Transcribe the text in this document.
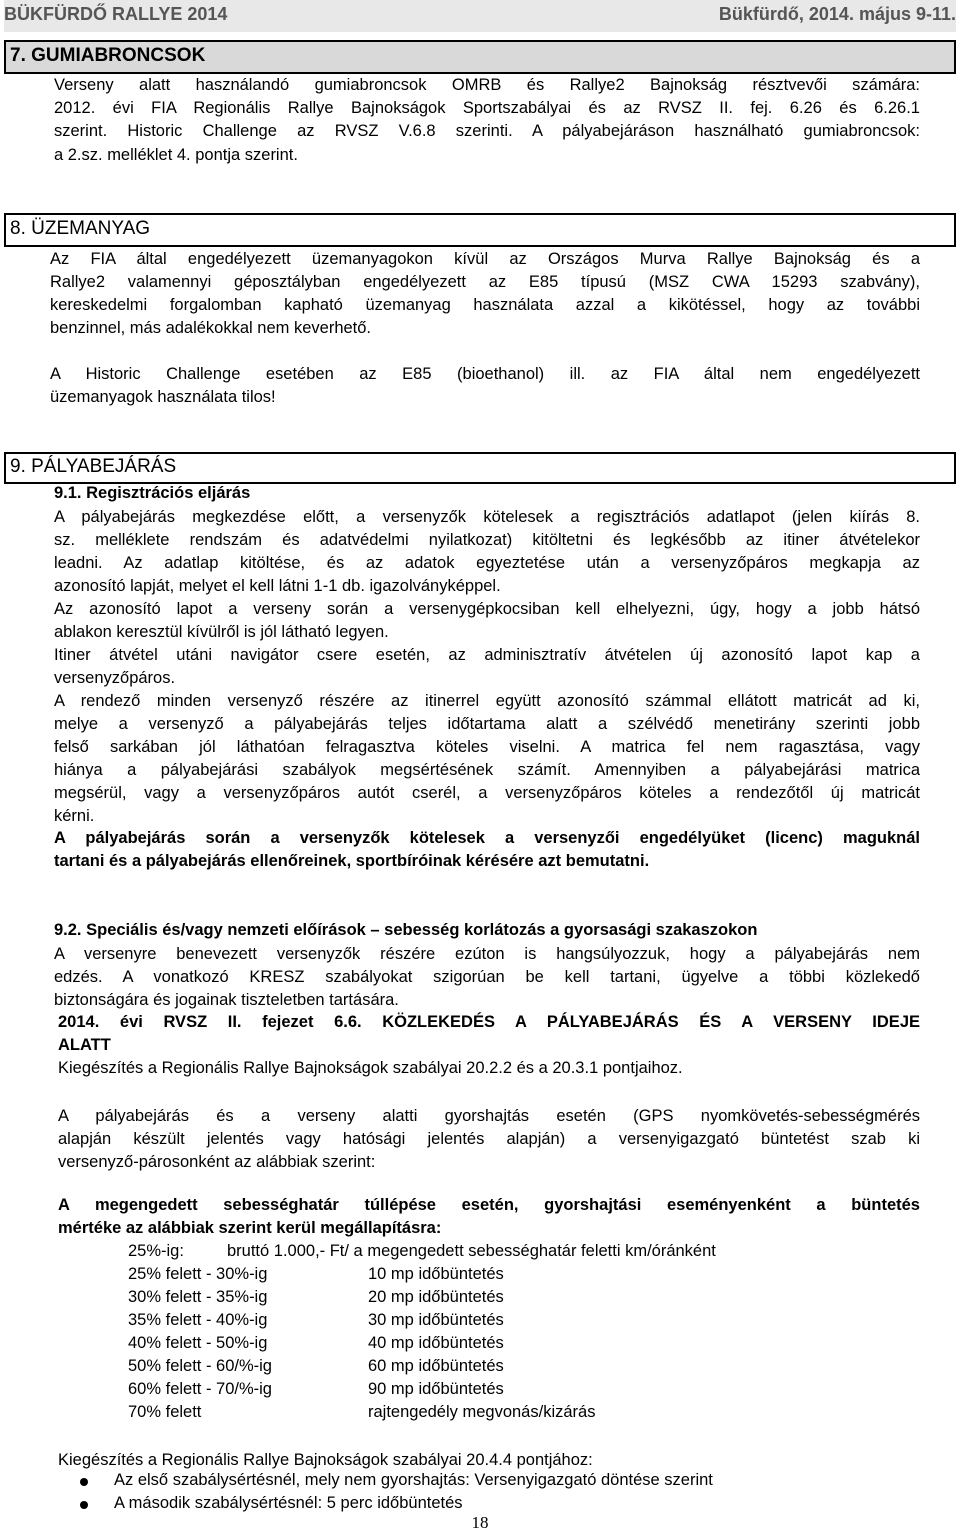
BÜKFÜRDŐ RALLYE 2014	Bükfürdő, 2014. május 9-11.
7. GUMIABRONCSOK
Verseny alatt használandó gumiabroncsok OMRB és Rallye2 Bajnokság résztvevői számára:
2012. évi FIA Regionális Rallye Bajnokságok Sportszabályai és az RVSZ II. fej. 6.26 és 6.26.1
szerint. Historic Challenge az RVSZ V.6.8 szerinti. A pályabejáráson használható gumiabroncsok:
a 2.sz. melléklet 4. pontja szerint.
8. ÜZEMANYAG
Az FIA által engedélyezett üzemanyagokon kívül az Országos Murva Rallye Bajnokság és a
Rallye2 valamennyi géposztályban engedélyezett az E85 típusú (MSZ CWA 15293 szabvány),
kereskedelmi forgalomban kapható üzemanyag használata azzal a kikötéssel, hogy az további
benzinnel, más adalékokkal nem keverhető.
A Historic Challenge esetében az E85 (bioethanol) ill. az FIA által nem engedélyezett
üzemanyagok használata tilos!
9. PÁLYABEJÁRÁS
9.1. Regisztrációs eljárás
A pályabejárás megkezdése előtt, a versenyzők kötelesek a regisztrációs adatlapot (jelen kiírás 8.
sz. melléklete rendszám és adatvédelmi nyilatkozat) kitöltetni és legkésőbb az itiner átvételekor
leadni. Az adatlap kitöltése, és az adatok egyeztetése után a versenyzőpáros megkapja az
azonosító lapját, melyet el kell látni 1-1 db. igazolványképpel.
Az azonosító lapot a verseny során a versenygépkocsiban kell elhelyezni, úgy, hogy a jobb hátsó
ablakon keresztül kívülről is jól látható legyen.
Itiner átvétel utáni navigátor csere esetén, az adminisztratív átvételen új azonosító lapot kap a
versenyzőpáros.
A rendező minden versenyző részére az itinerrel együtt azonosító számmal ellátott matricát ad ki,
melye a versenyző a pályabejárás teljes időtartama alatt a szélvédő menetirány szerinti jobb
felső sarkában jól láthatóan felragasztva köteles viselni. A matrica fel nem ragasztása, vagy
hiánya a pályabejárási szabályok megsértésének számít. Amennyiben a pályabejárási matrica
megsérül, vagy a versenyzőpáros autót cserél, a versenyzőpáros köteles a rendezőtől új matricát
kérni.
A pályabejárás során a versenyzők kötelesek a versenyzői engedélyüket (licenc) maguknál
tartani és a pályabejárás ellenőreinek, sportbíróinak kérésére azt bemutatni.
9.2. Speciális és/vagy nemzeti előírások – sebesség korlátozás a gyorsasági szakaszokon
A versenyre benevezett versenyzők részére ezúton is hangsúlyozzuk, hogy a pályabejárás nem
edzés. A vonatkozó KRESZ szabályokat szigorúan be kell tartani, ügyelve a többi közlekedő
biztonságára és jogainak tiszteletben tartására.
2014. évi RVSZ II. fejezet 6.6. KÖZLEKEDÉS A PÁLYABEJÁRÁS ÉS A VERSENY IDEJE
ALATT
Kiegészítés a Regionális Rallye Bajnokságok szabályai 20.2.2 és a 20.3.1 pontjaihoz.
A pályabejárás és a verseny alatti gyorshajtás esetén (GPS nyomkövetés-sebességmérés
alapján készült jelentés vagy hatósági jelentés alapján) a versenyigazgató büntetést szab ki
versenyző-párosonként az alábbiak szerint:
A megengedett sebességhatár túllépése esetén, gyorshajtási eseményenként a büntetés
mértéke az alábbiak szerint kerül megállapításra:
25%-ig:	bruttó 1.000,- Ft/ a megengedett sebességhatár feletti km/óránként
25% felett - 30%-ig	10 mp időbüntetés
30% felett - 35%-ig	20 mp időbüntetés
35% felett - 40%-ig	30 mp időbüntetés
40% felett - 50%-ig	40 mp időbüntetés
50% felett - 60/%-ig	60 mp időbüntetés
60% felett - 70/%-ig	90 mp időbüntetés
70% felett	rajtengedély megvonás/kizárás
Kiegészítés a Regionális Rallye Bajnokságok szabályai 20.4.4 pontjához:
Az első szabálysértésnél, mely nem gyorshajtás: Versenyigazgató döntése szerint
A második szabálysértésnél: 5 perc időbüntetés
18
